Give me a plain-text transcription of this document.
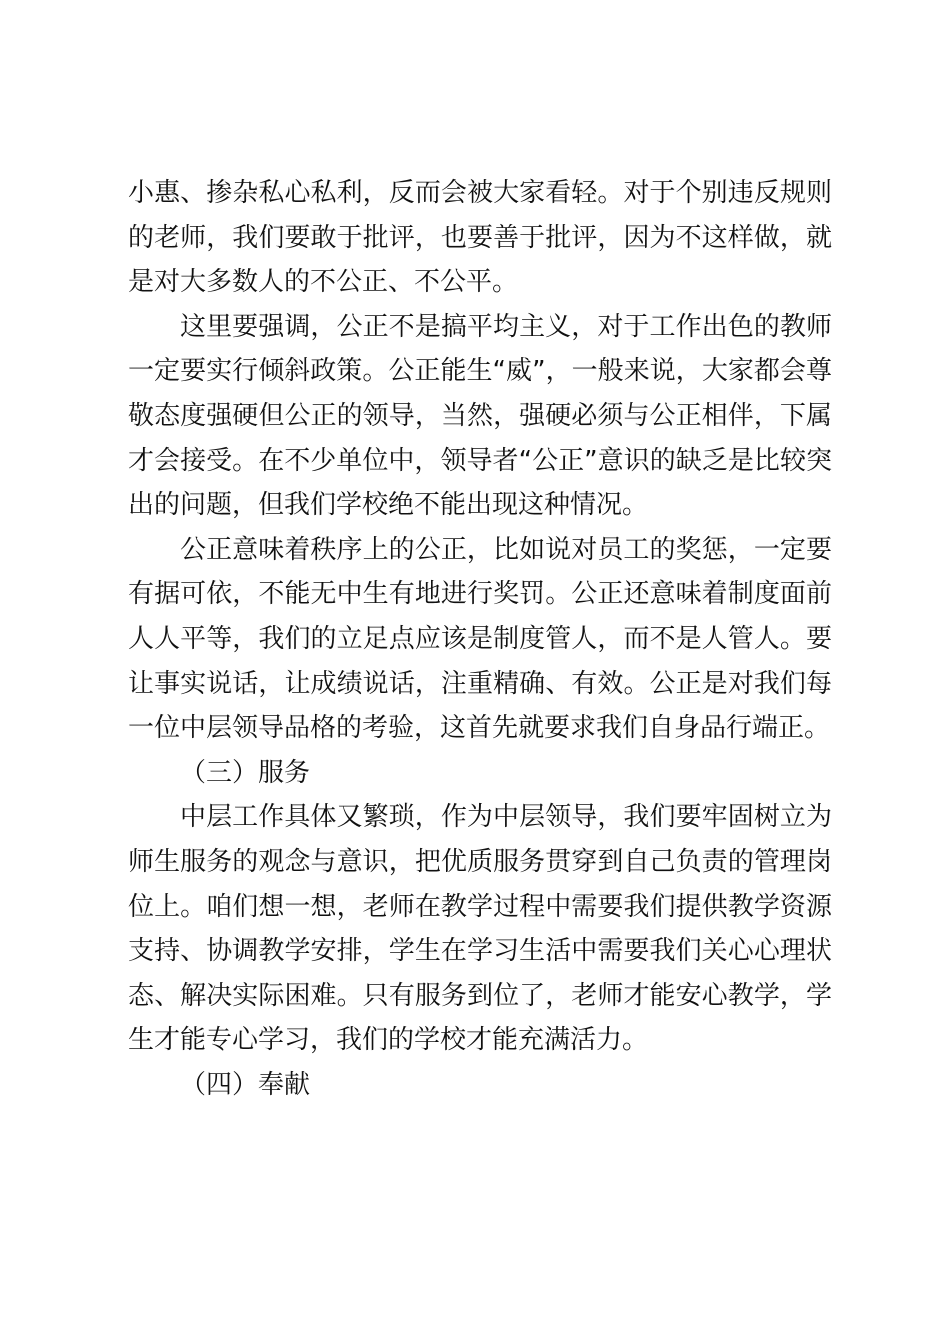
小惠、掺杂私心私利，反而会被大家看轻。对于个别违反规则的老师，我们要敢于批评，也要善于批评，因为不这样做，就是对大多数人的不公正、不公平。

这里要强调，公正不是搞平均主义，对于工作出色的教师一定要实行倾斜政策。公正能生“威”，一般来说，大家都会尊敬态度强硬但公正的领导，当然，强硬必须与公正相伴，下属才会接受。在不少单位中，领导者“公正”意识的缺乏是比较突出的问题，但我们学校绝不能出现这种情况。

公正意味着秩序上的公正，比如说对员工的奖惩，一定要有据可依，不能无中生有地进行奖罚。公正还意味着制度面前人人平等，我们的立足点应该是制度管人，而不是人管人。要让事实说话，让成绩说话，注重精确、有效。公正是对我们每一位中层领导品格的考验，这首先就要求我们自身品行端正。

（三）服务

中层工作具体又繁琐，作为中层领导，我们要牢固树立为师生服务的观念与意识，把优质服务贯穿到自己负责的管理岗位上。咱们想一想，老师在教学过程中需要我们提供教学资源支持、协调教学安排，学生在学习生活中需要我们关心心理状态、解决实际困难。只有服务到位了，老师才能安心教学，学生才能专心学习，我们的学校才能充满活力。

（四）奉献
